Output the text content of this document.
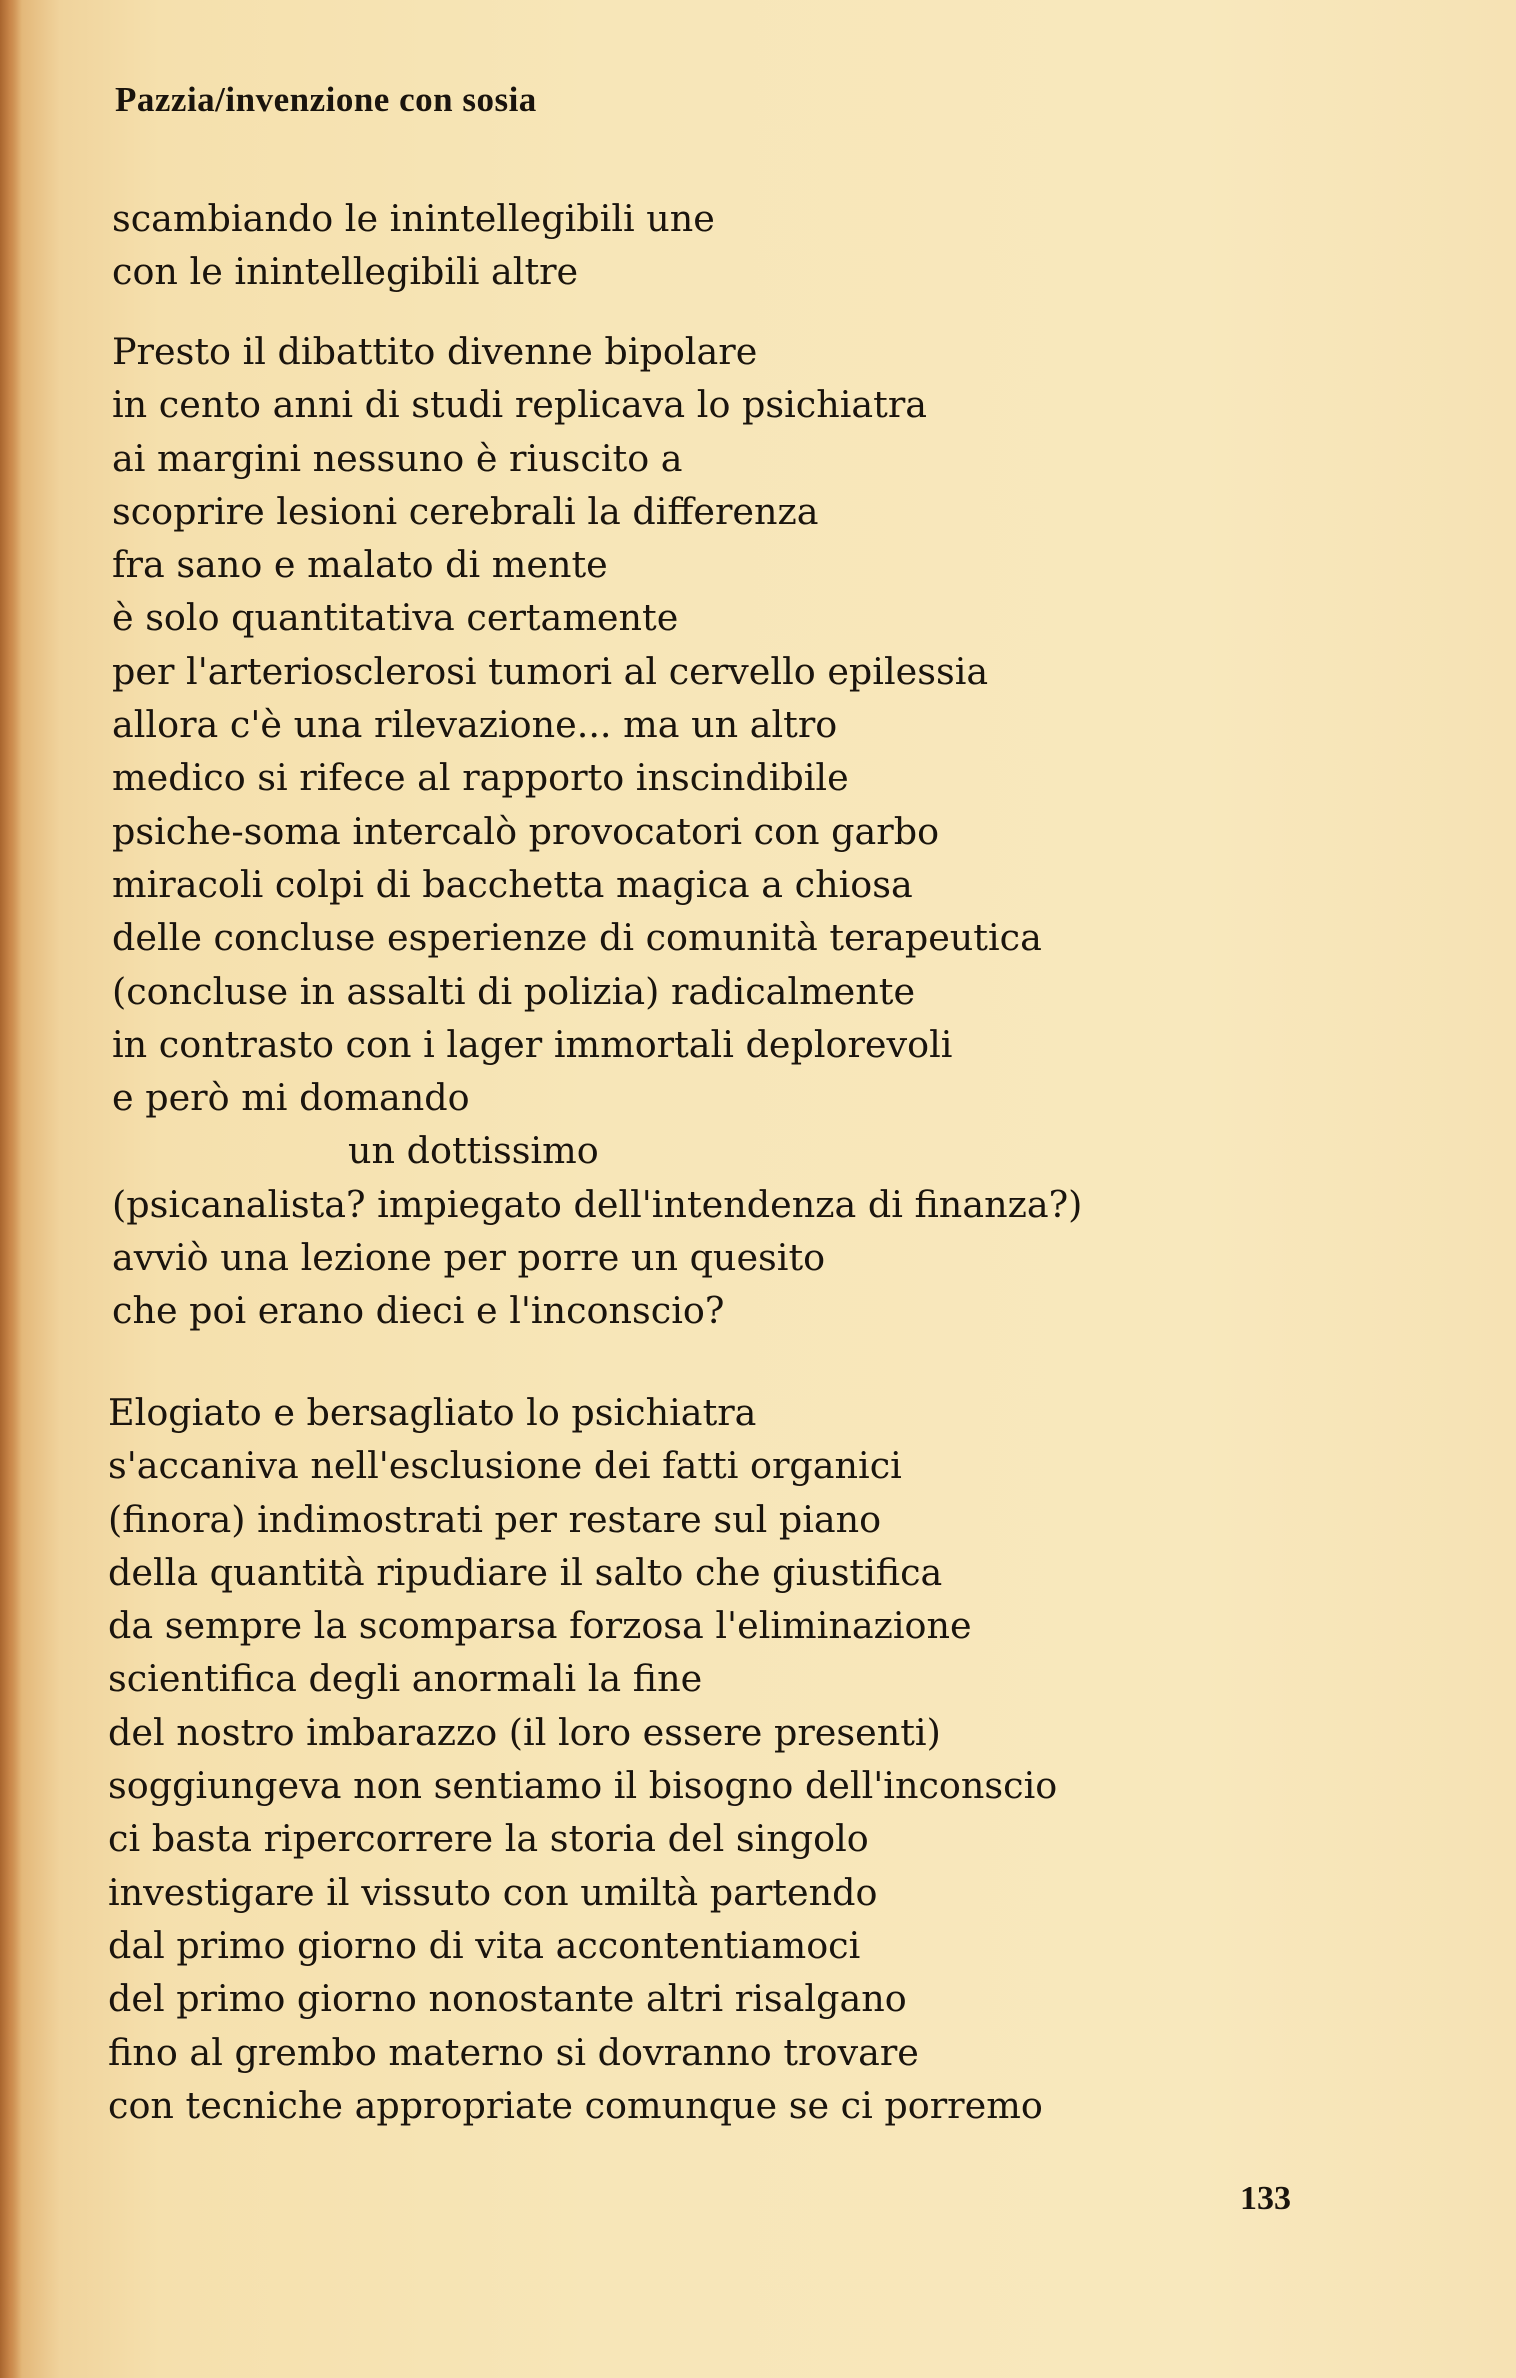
Pazzia/invenzione con sosia
scambiando le inintellegibili une
con le inintellegibili altre
Presto il dibattito divenne bipolare
in cento anni di studi replicava lo psichiatra
ai margini nessuno è riuscito a
scoprire lesioni cerebrali la differenza
fra sano e malato di mente
è solo quantitativa certamente
per l'arteriosclerosi tumori al cervello epilessia
allora c'è una rilevazione... ma un altro
medico si rifece al rapporto inscindibile
psiche-soma intercalò provocatori con garbo
miracoli colpi di bacchetta magica a chiosa
delle concluse esperienze di comunità terapeutica
(concluse in assalti di polizia) radicalmente
in contrasto con i lager immortali deplorevoli
e però mi domando
un dottissimo
(psicanalista? impiegato dell'intendenza di finanza?)
avviò una lezione per porre un quesito
che poi erano dieci e l'inconscio?
Elogiato e bersagliato lo psichiatra
s'accaniva nell'esclusione dei fatti organici
(finora) indimostrati per restare sul piano
della quantità ripudiare il salto che giustifica
da sempre la scomparsa forzosa l'eliminazione
scientifica degli anormali la fine
del nostro imbarazzo (il loro essere presenti)
soggiungeva non sentiamo il bisogno dell'inconscio
ci basta ripercorrere la storia del singolo
investigare il vissuto con umiltà partendo
dal primo giorno di vita accontentiamoci
del primo giorno nonostante altri risalgano
fino al grembo materno si dovranno trovare
con tecniche appropriate comunque se ci porremo
133
